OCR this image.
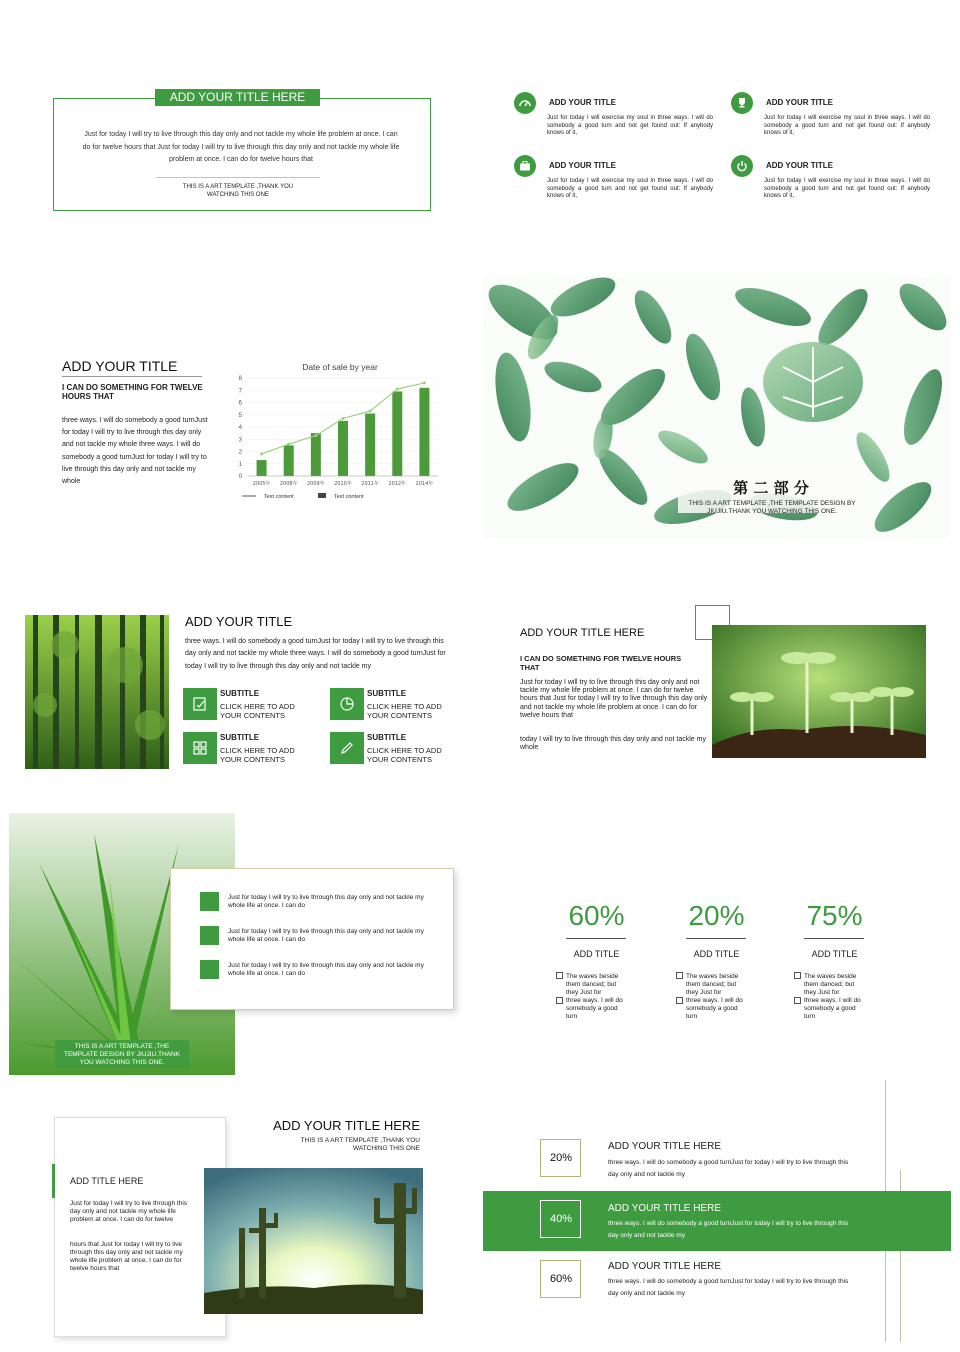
ADD YOUR TITLE HERE
Just for today I will try to live through this day only and not tackle my whole life problem at once. I can do for twelve hours that Just for today I will try to live through this day only and not tackle my whole life problem at once. I can do for twelve hours that
THIS IS A ART TEMPLATE ,THANK YOU WATCHING THIS ONE
ADD YOUR TITLE
Just for today I will exercise my soul in three ways. I will do somebody a good turn and not get found out: If anybody knows of it,
ADD YOUR TITLE
Just for today I will exercise my soul in three ways. I will do somebody a good turn and not get found out: If anybody knows of it,
ADD YOUR TITLE
Just for today I will exercise my soul in three ways. I will do somebody a good turn and not get found out: If anybody knows of it,
ADD YOUR TITLE
Just for today I will exercise my soul in three ways. I will do somebody a good turn and not get found out: If anybody knows of it,
ADD YOUR TITLE
I CAN DO SOMETHING FOR TWELVE HOURS THAT
three ways. I will do somebody a good turnJust for today I will try to live through this day only and not tackle my whole three ways. I will do somebody a good turnJust for today I will try to live through this day only and not tackle my whole
Date of sale by year
0
1
2
3
4
5
6
7
8
2005年 2008年 2009年 2010年 2011年 2012年 2014年
Text content	Text content	第 二 部 分
THIS IS A ART TEMPLATE ,THE TEMPLATE DESIGN BY JIUJIU.THANK YOU WATCHING THIS ONE.
ADD YOUR TITLE
three ways. I will do somebody a good turnJust for today I will try to live through this day only and not tackle my whole three ways. I will do somebody a good turnJust for today I will try to live through this day only and not tackle my
SUBTITLE
CLICK HERE TO ADD YOUR CONTENTS
SUBTITLE
CLICK HERE TO ADD YOUR CONTENTS
SUBTITLE
CLICK HERE TO ADD YOUR CONTENTS
SUBTITLE
CLICK HERE TO ADD YOUR CONTENTS
ADD YOUR TITLE HERE
I CAN DO SOMETHING FOR TWELVE HOURS THAT
Just for today I will try to live through this day only and not tackle my whole life problem at once. I can do for twelve hours that Just for today I will try to live through this day only and not tackle my whole life problem at once. I can do for twelve hours that
today I will try to live through this day only and not tackle my whole
Just for today I will try to live through this day only and not tackle my whole life at once. I can do
Just for today I will try to live through this day only and not tackle my whole life at once. I can do
Just for today I will try to live through this day only and not tackle my whole life at once. I can do
THIS IS A ART TEMPLATE ,THE TEMPLATE DESIGN BY JIUJIU.THANK YOU WATCHING THIS ONE.
60%
ADD TITLE
The waves beside them danced; but they Just for
three ways. I will do somebody a good turn
20%
ADD TITLE
The waves beside them danced; but they Just for
three ways. I will do somebody a good turn
75%
ADD TITLE
The waves beside them danced; but they Just for
three ways. I will do somebody a good turn
ADD TITLE HERE
Just for today I will try to live through this day only and not tackle my whole life problem at once. I can do for twelve
hours that Just for today I will try to live through this day only and not tackle my whole life problem at once. I can do for twelve hours that
ADD YOUR TITLE HERE
THIS IS A ART TEMPLATE ,THANK YOU WATCHING THIS ONE
20%
ADD YOUR TITLE HERE
three ways. I will do somebody a good turnJust for today I will try to live through this day only and not tackle my
40%
ADD YOUR TITLE HERE
three ways. I will do somebody a good turnJust for today I will try to live through this day only and not tackle my
60%
ADD YOUR TITLE HERE
three ways. I will do somebody a good turnJust for today I will try to live through this day only and not tackle my
